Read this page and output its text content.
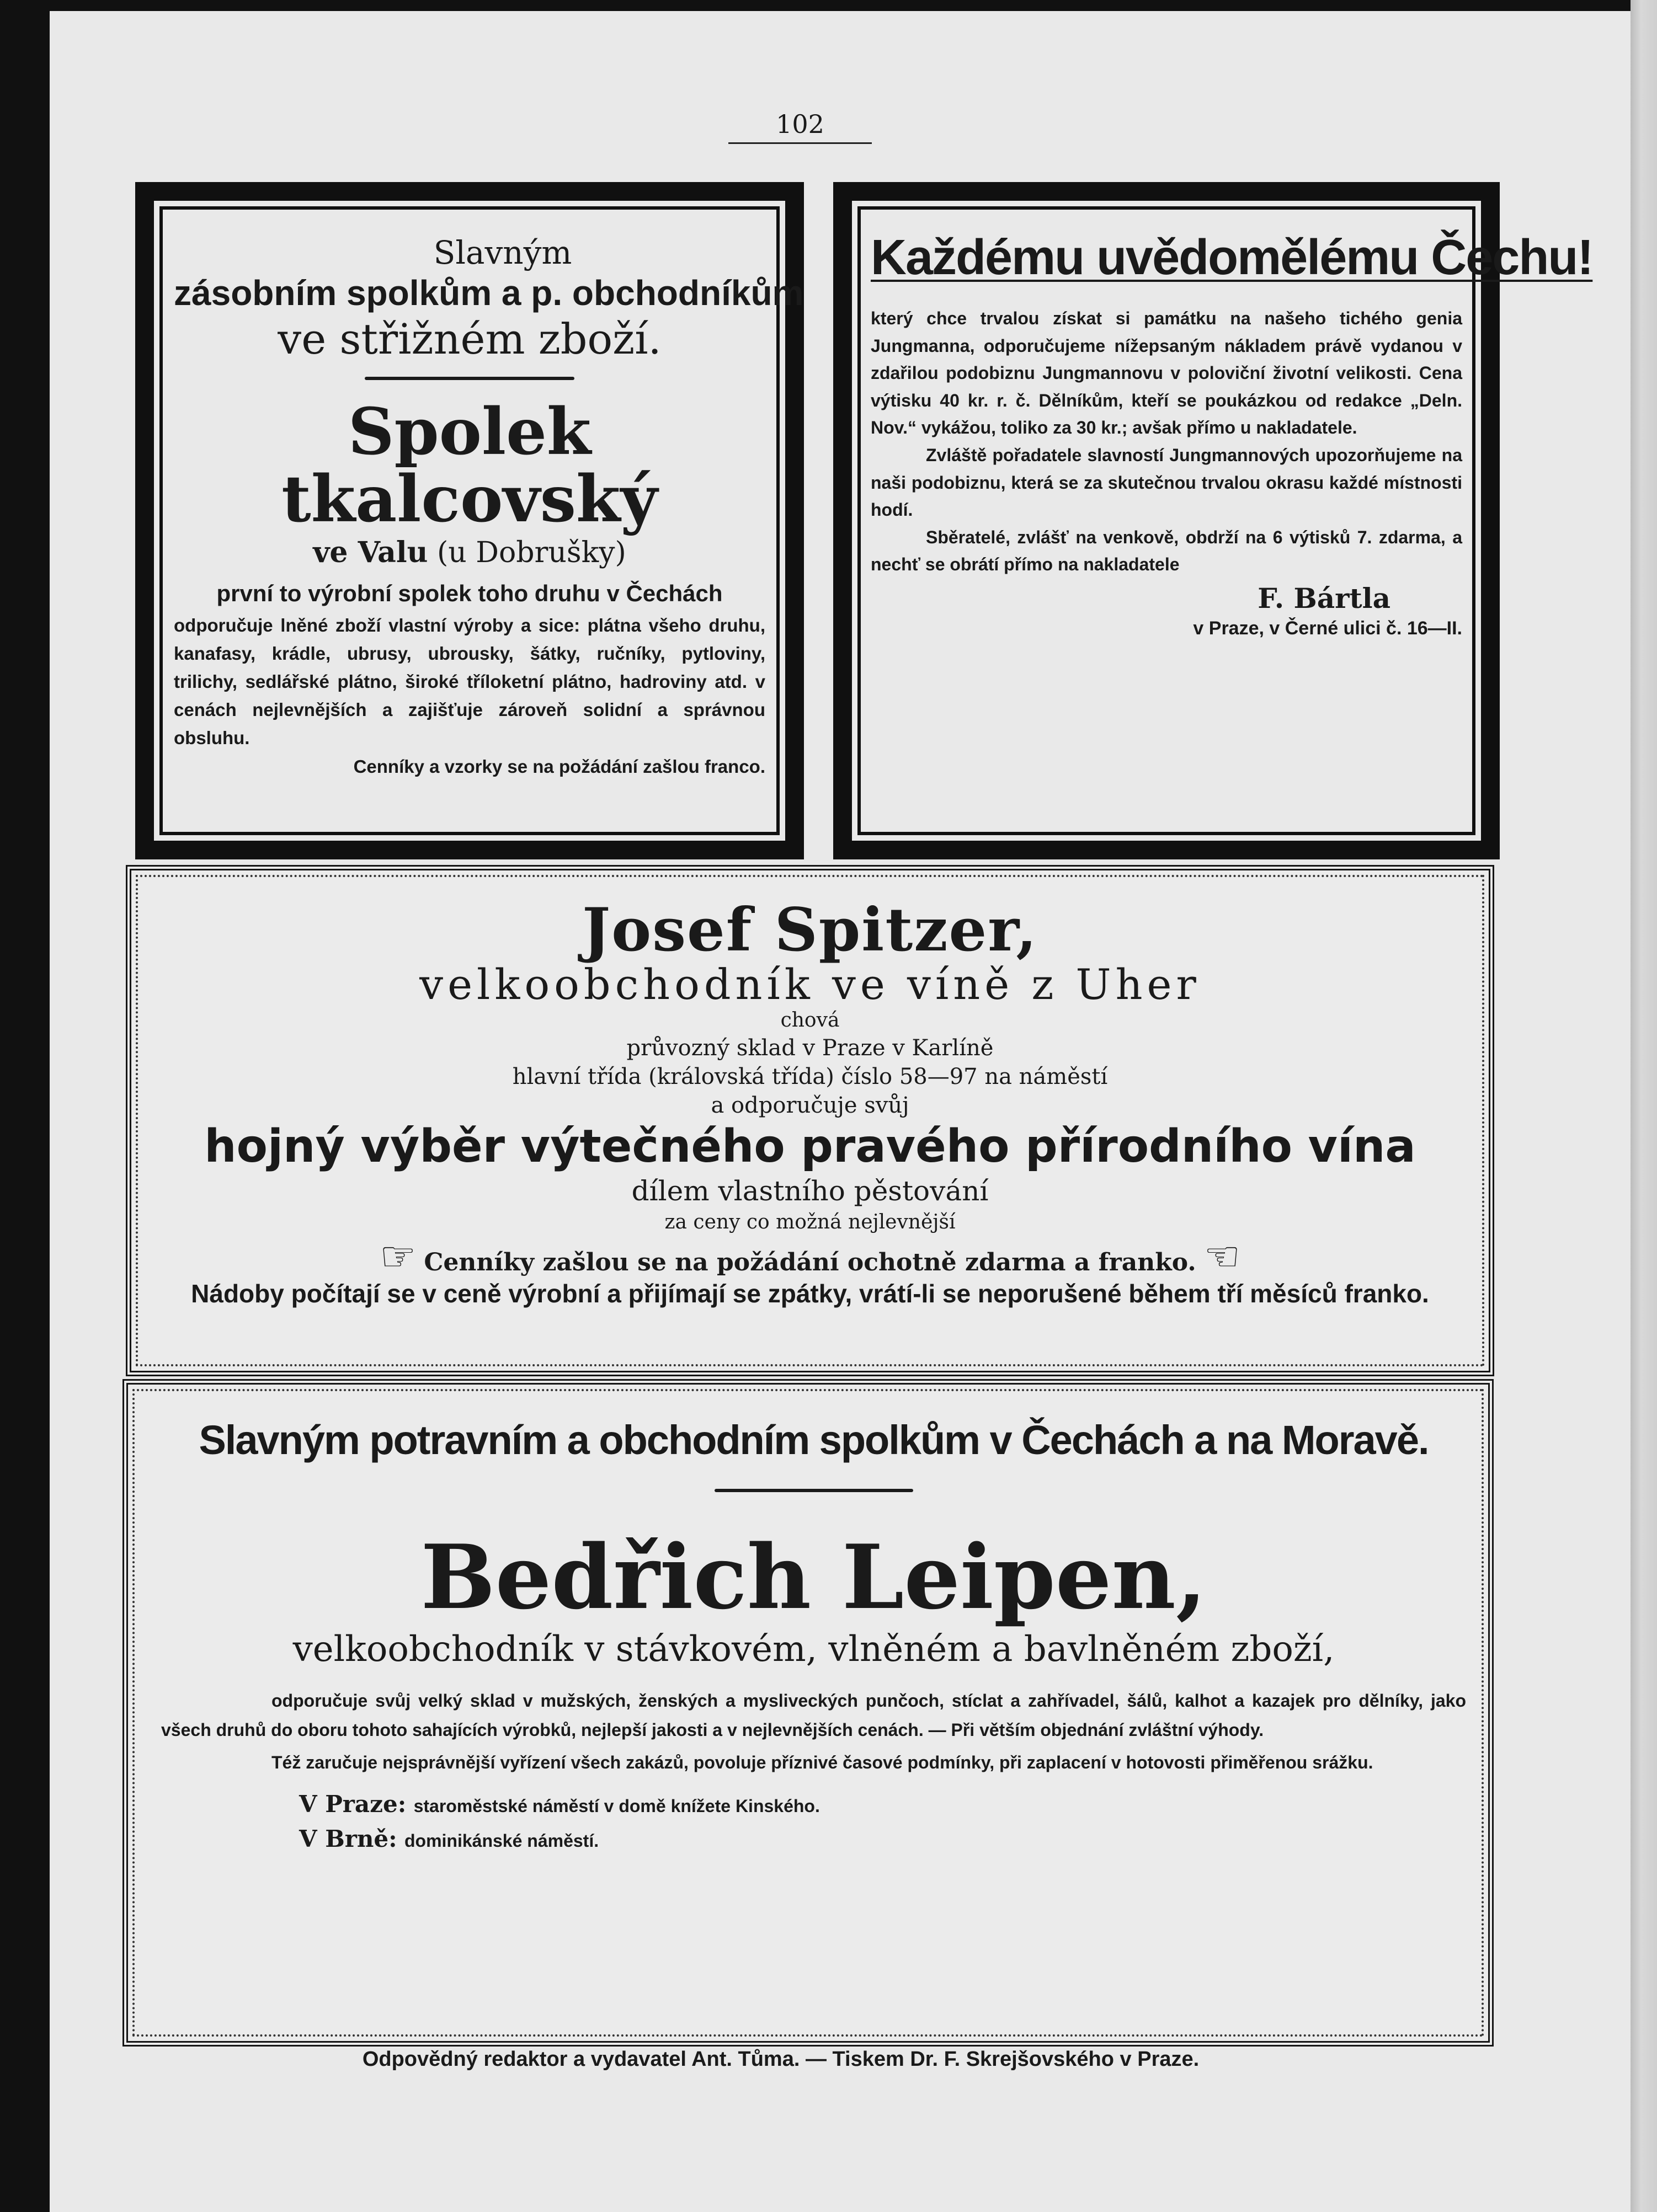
102
Slavným
zásobním spolkům a p. obchodníkům
ve střižném zboží.
Spolek tkalcovský
ve Valu (u Dobrušky)
první to výrobní spolek toho druhu v Čechách
odporučuje lněné zboží vlastní výroby a sice: plátna všeho druhu, kanafasy, krádle, ubrusy, ubrousky, šátky, ručníky, pytloviny, trilichy, sedlářské plátno, široké tříloketní plátno, hadroviny atd. v cenách nejlevnějších a zajišťuje zároveň solidní a správnou obsluhu.
Cenníky a vzorky se na požádání zašlou franco.
Každému uvědomělému Čechu!
který chce trvalou získat si památku na našeho tichého genia Jungmanna, odporučujeme nížepsaným nákladem právě vydanou v zdařilou podobiznu Jungmannovu v poloviční životní velikosti. Cena výtisku 40 kr. r. č. Dělníkům, kteří se poukázkou od redakce „Deln. Nov.“ vykážou, toliko za 30 kr.; avšak přímo u nakladatele.
Zvláště pořadatele slavností Jungmannových upozorňujeme na naši podobiznu, která se za skutečnou trvalou okrasu každé místnosti hodí.
Sběratelé, zvlášť na venkově, obdrží na 6 výtisků 7. zdarma, a nechť se obrátí přímo na nakladatele
F. Bártla
v Praze, v Černé ulici č. 16—II.
Josef Spitzer,
velkoobchodník ve víně z Uher
chová
průvozný sklad v Praze v Karlíně
hlavní třída (královská třída) číslo 58—97 na náměstí
a odporučuje svůj
hojný výběr výtečného pravého přírodního vína
dílem vlastního pěstování
za ceny co možná nejlevnější
☞ Cenníky zašlou se na požádání ochotně zdarma a franko. ☜
Nádoby počítají se v ceně výrobní a přijímají se zpátky, vrátí-li se neporušené během tří měsíců franko.
Slavným potravním a obchodním spolkům v Čechách a na Moravě.
Bedřich Leipen,
velkoobchodník v stávkovém, vlněném a bavlněném zboží,
odporučuje svůj velký sklad v mužských, ženských a mysliveckých punčoch, stíclat a zahřívadel, šálů, kalhot a kazajek pro dělníky, jako všech druhů do oboru tohoto sahajících výrobků, nejlepší jakosti a v nejlevnějších cenách. — Při větším objednání zvláštní výhody.
Též zaručuje nejsprávnější vyřízení všech zakázů, povoluje příznivé časové podmínky, při zaplacení v hotovosti přiměřenou srážku.
V Praze: staroměstské náměstí v domě knížete Kinského.
V Brně: dominikánské náměstí.
Odpovědný redaktor a vydavatel Ant. Tůma. — Tiskem Dr. F. Skrejšovského v Praze.
